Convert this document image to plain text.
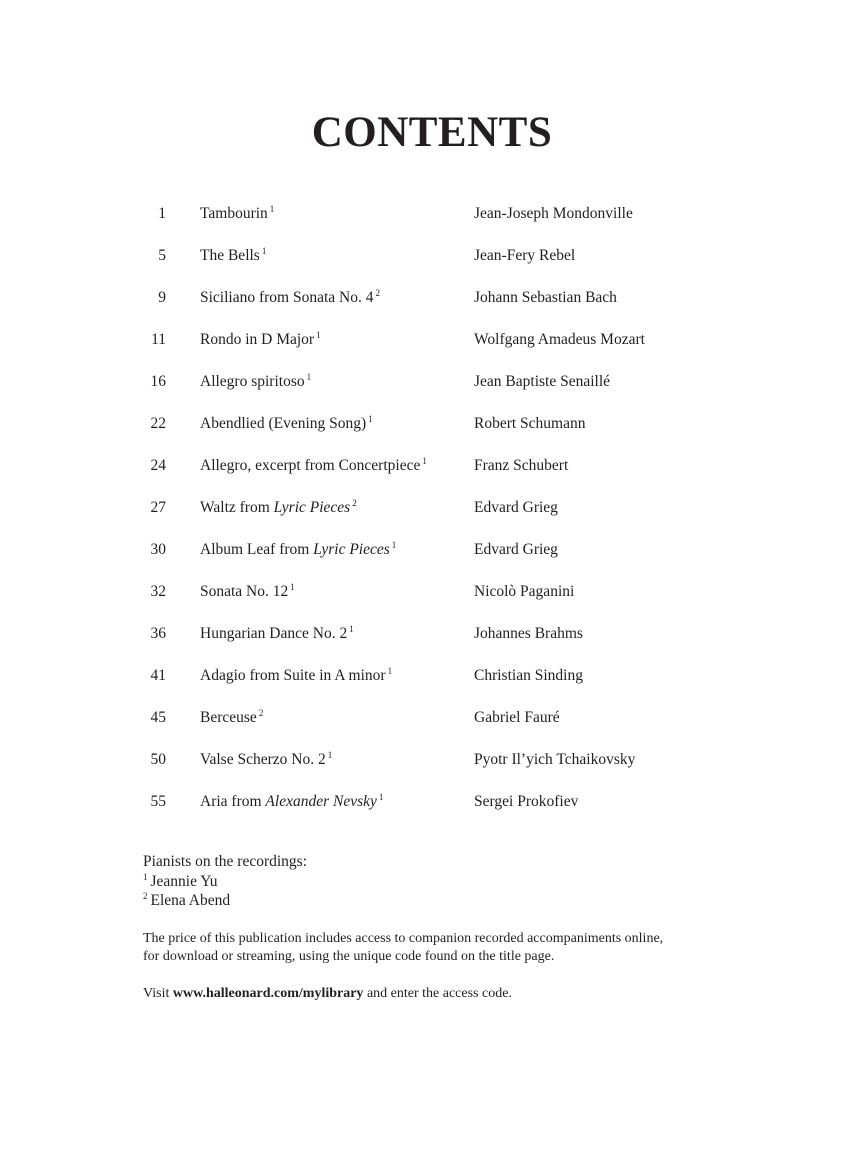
CONTENTS
1 Tambourin $^1$	Jean-Joseph Mondonville
5 The Bells $^1$	Jean-Fery Rebel
9 Siciliano from Sonata No. 4 $^2$	Johann Sebastian Bach
11 Rondo in D Major $^1$	Wolfgang Amadeus Mozart
16 Allegro spiritoso $^1$	Jean Baptiste Senaillé
22 Abendlied (Evening Song) $^1$	Robert Schumann
24 Allegro, excerpt from Concertpiece $^1$	Franz Schubert
27 Waltz from Lyric Pieces $^2$	Edvard Grieg
30 Album Leaf from Lyric Pieces $^1$	Edvard Grieg
32 Sonata No. 12 $^1$	Nicolò Paganini
36 Hungarian Dance No. 2 $^1$	Johannes Brahms
41 Adagio from Suite in A minor $^1$	Christian Sinding
45 Berceuse $^2$	Gabriel Fauré
50 Valse Scherzo No. 2 $^1$	Pyotr Il’yich Tchaikovsky
55 Aria from Alexander Nevsky $^1$	Sergei Prokofiev
Pianists on the recordings:
$^1$ Jeannie Yu
$^2$ Elena Abend
The price of this publication includes access to companion recorded accompaniments online,
for download or streaming, using the unique code found on the title page.
Visit www.halleonard.com/mylibrary and enter the access code.
